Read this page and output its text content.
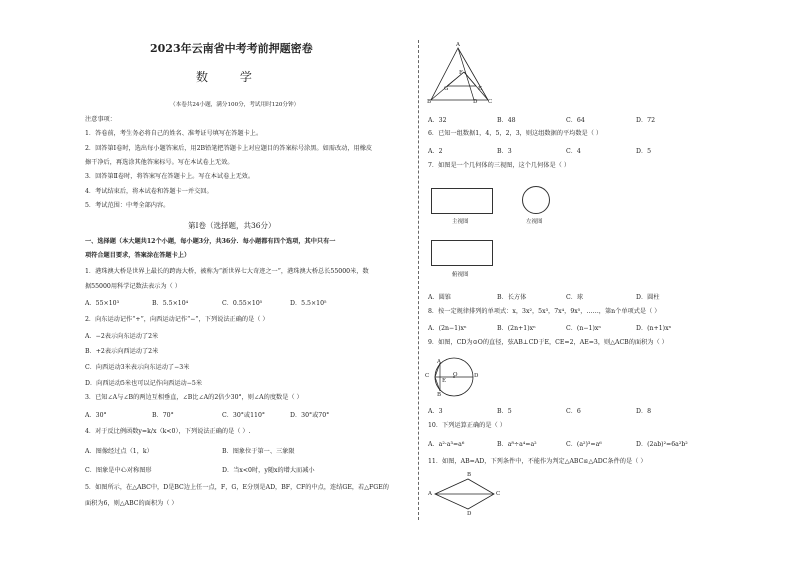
2023年云南省中考考前押题密卷
数 学
（本卷共24小题，满分100分，考试用时120分钟）
注意事项：
1．答卷前，考生务必将自己的姓名、准考证号填写在答题卡上。
2．回答第Ⅰ卷时，选出每小题答案后，用2B铅笔把答题卡上对应题目的答案标号涂黑。如需改动，用橡皮
擦干净后，再选涂其他答案标号。写在本试卷上无效。
3．回答第Ⅱ卷时，将答案写在答题卡上。写在本试卷上无效。
4．考试结束后，将本试卷和答题卡一并交回。
5．考试范围：中考全部内容。
第Ⅰ卷（选择题，共36分）
一、选择题（本大题共12个小题，每小题3分，共36分．每小题都有四个选项，其中只有一
项符合题目要求，答案涂在答题卡上）
1．港珠澳大桥是世界上最长的跨海大桥，被称为“新世界七大奇迹之一”，港珠澳大桥总长55000米，数
据55000用科学记数法表示为（ ）
A．55×10³	B．5.5×10⁴	C．0.55×10⁵	D．5.5×10⁵
2．向东运动记作“+”，向西运动记作“−”，下列说法正确的是（ ）
A．−2表示向东运动了2米
B．+2表示向西运动了2米
C．向西运动3米表示向东运动了−3米
D．向西运动5米也可以记作向西运动−5米
3．已知∠A与∠B的两边互相垂直，∠B比∠A的2倍少30°，则∠A的度数是（ ）
A．30°	B．70°	C．30°或110°	D．30°或70°
4．对于反比例函数y=k/x（k<0），下列说法正确的是（ ）.
A．图像经过点（1，k）	B．图象位于第一、三象限
C．图象是中心对称图形	D．当x<0时，y随x的增大而减小
5．如图所示，在△ABC中，D是BC边上任一点，F，G，E分别是AD，BF，CF的中点，连结GE，若△FGE的
面积为6，则△ABC的面积为（ ）
A
F
G	E
B	D C
A．32	B．48	C．64	D．72
6．已知一组数据1，4，5，2，3，则这组数据的平均数是（ ）
A．2	B．3	C．4	D．5
7．如图是一个几何体的三视图，这个几何体是（ ）
主视图	左视图
俯视图
A．圆锥	B．长方体	C．球	D．圆柱
8．按一定规律排列的单项式：x，3x²，5x³，7x⁴，9x⁵，……，第n个单项式是（ ）
A．(2n−1)xⁿ	B．(2n+1)xⁿ	C．(n−1)xⁿ	D．(n+1)xⁿ
9．如图，CD为⊙O的直径，弦AB⊥CD于E，CE=2，AE=3，则△ACB的面积为（ ）
C
A
E
O	D
B
A．3	B．5	C．6	D．8
10．下列运算正确的是（ ）
A．a²·a³=a⁶	B．a⁸÷a⁴=a²	C．(a²)³=a⁶	D．(2ab)²=6a²b²
11．如图，AB=AD，下列条件中，不能作为判定△ABC≌△ADC条件的是（ ）
B
A	C
D
